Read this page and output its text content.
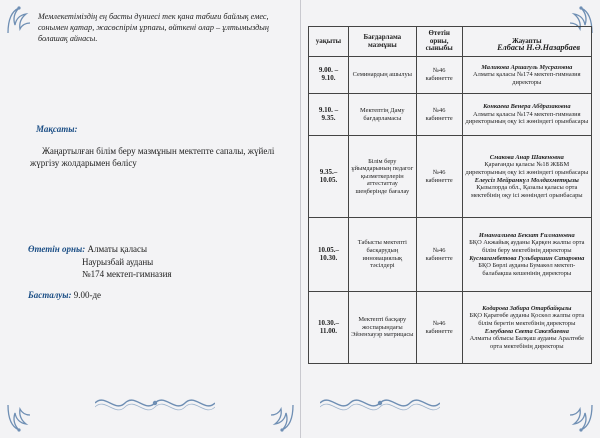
Мемлекетіміздің ең басты дүниесі тек қана табиғи байлық емес, сонымен қатар, жасөспірім ұрпағы, өйткені олар – ұлтымыздың болашақ айнасы.

Елбасы Н.Ә.Назарбаев
Мақсаты:

Жаңартылған білім беру мазмұнын мектепте сапалы, жүйелі жүргізу жолдарымен бөлісу

Өтетін орны: Алматы қаласы
Наурызбай ауданы
№174 мектеп-гимназия
Басталуы: 9.00-де
уақыты	Бағдарлама мазмұны	Өтетін орны, сыныбы	Жауапты
9.00. – 9.10.	Семинардың ашылуы	№46 кабинетте	Маликова Аршагуль Мусразовна
Алматы қаласы №174 мектеп-гимназия директоры

9.10. – 9.35.	Мектептің Даму бағдарламасы	№46 кабинетте	Конкаева Венера Абдразаковна
Алматы қаласы №174 мектеп-гимназия директорының оқу ісі жөніндегі орынбасары

9.35.– 10.05.	Білім беру ұйымдарының педагог қызметкерлерін аттестаттау шеңберінде бағалау	№46 кабинетте	Смакова Анар Шакеновна
Қарағанды қаласы №18 ЖББМ директорының оқу ісі жөніндегі орынбасары
Елеусіз Мейрамкүл Молдахметқызы
Қызылорда обл., Қазалы қаласы орта мектебінің оқу ісі жөніндегі орынбасары

10.05.– 10.30.	Табысты мектепті басқарудың инновациялық тәсілдері	№46 кабинетте	Иманғалиева Бекзат Ғилмановна
БҚО Акжайық ауданы Қарқен жалпы орта білім беру мектебінің директоры
Кусмагамбетова Гульбаршин Сапаровна
БҚО Бөрлі ауданы Бумакөл мектеп-балабақша кешенінің директоры

10.30.– 11.00.	Мектепті басқару жоспарындағы Эйзенхауэр матрицасы	№46 кабинетте	Кодарова Забира Отарбайқызы
БҚО Қаратөбе ауданы Қоскөл жалпы орта білім беретін мектебінің директоры
Елеубаева Света Сакезбаевна
Алматы облысы Балқаш ауданы Аралтөбе орта мектебінің директоры
